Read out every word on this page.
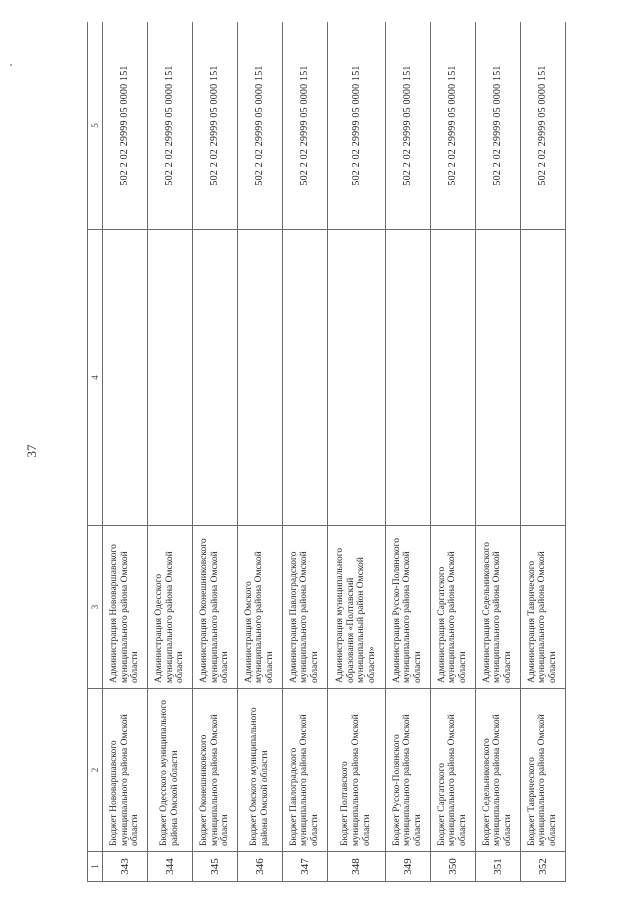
37
1	2	3	4	5
343	Бюджет Нововаршавского муниципального района Омской области	Администрация Нововаршавского муниципального района Омской области		502 2 02 29999 05 0000 151
344	Бюджет Одесского муниципального района Омской области	Администрация Одесского муниципального района Омской области		502 2 02 29999 05 0000 151
345	Бюджет Оконешниковского муниципального района Омской области	Администрация Оконешниковского муниципального района Омской области		502 2 02 29999 05 0000 151
346	Бюджет Омского муниципального района Омской области	Администрация Омского муниципального района Омской области		502 2 02 29999 05 0000 151
347	Бюджет Павлоградского муниципального района Омской области	Администрация Павлоградского муниципального района Омской области		502 2 02 29999 05 0000 151
348	Бюджет Полтавского муниципального района Омской области	Администрация муниципального образования «Полтавский муниципальный район Омской области»		502 2 02 29999 05 0000 151
349	Бюджет Русско-Полянского муниципального района Омской области	Администрация Русско-Полянского муниципального района Омской области		502 2 02 29999 05 0000 151
350	Бюджет Саргатского муниципального района Омской области	Администрация Саргатского муниципального района Омской области		502 2 02 29999 05 0000 151
351	Бюджет Седельниковского муниципального района Омской области	Администрация Седельниковского муниципального района Омской области		502 2 02 29999 05 0000 151
352	Бюджет Таврического муниципального района Омской области	Администрация Таврического муниципального района Омской области		502 2 02 29999 05 0000 151
